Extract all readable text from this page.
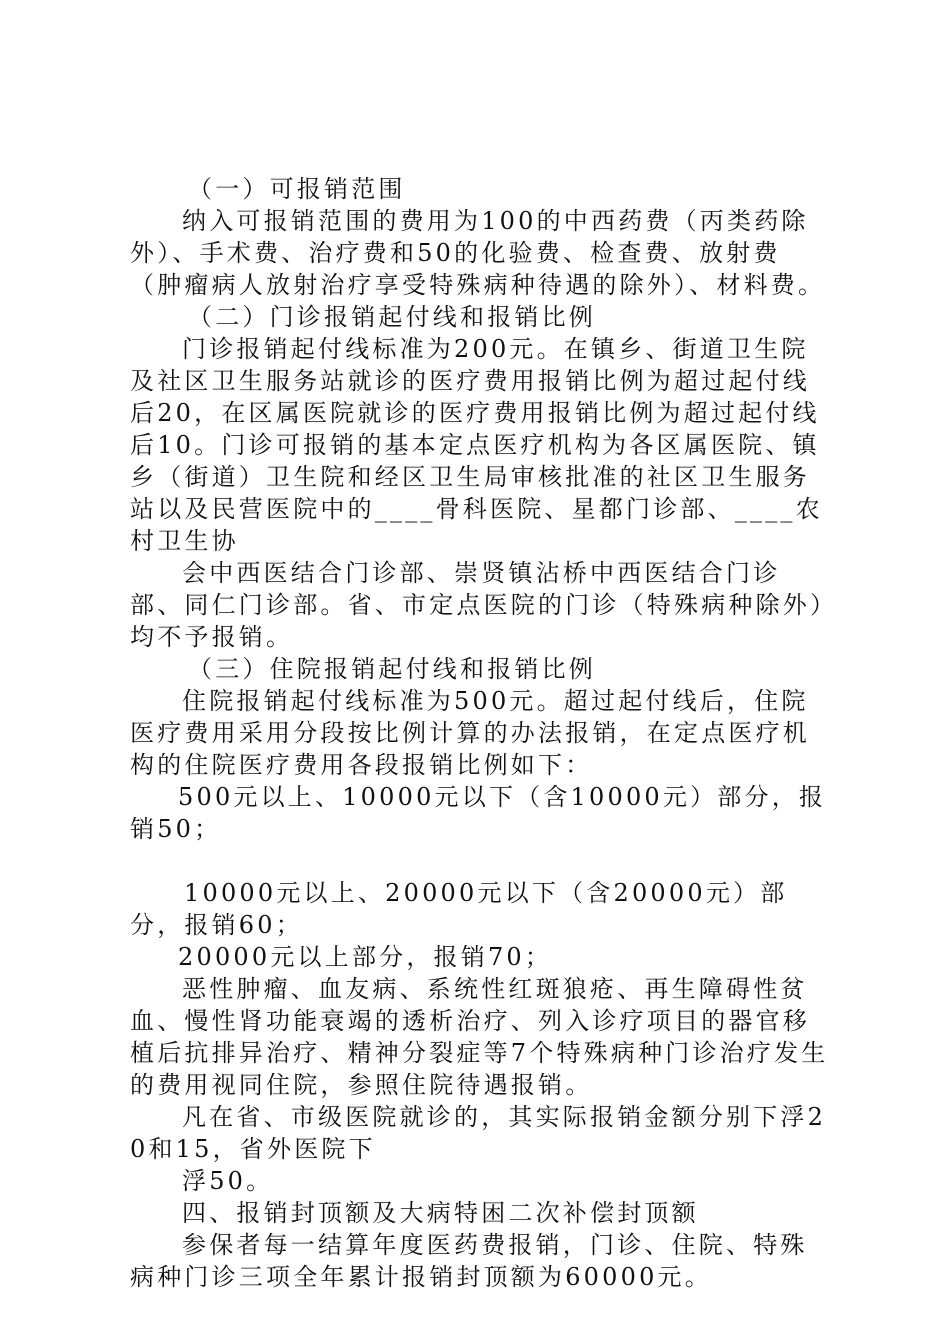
（一）可报销范围

纳入可报销范围的费用为100的中西药费（丙类药除外）、手术费、治疗费和50的化验费、检查费、放射费（肿瘤病人放射治疗享受特殊病种待遇的除外）、材料费。

（二）门诊报销起付线和报销比例

门诊报销起付线标准为200元。在镇乡、街道卫生院及社区卫生服务站就诊的医疗费用报销比例为超过起付线后20，在区属医院就诊的医疗费用报销比例为超过起付线后10。门诊可报销的基本定点医疗机构为各区属医院、镇乡（街道）卫生院和经区卫生局审核批准的社区卫生服务站以及民营医院中的____骨科医院、星都门诊部、____农村卫生协

会中西医结合门诊部、崇贤镇沾桥中西医结合门诊部、同仁门诊部。省、市定点医院的门诊（特殊病种除外）均不予报销。

（三）住院报销起付线和报销比例

住院报销起付线标准为500元。超过起付线后，住院医疗费用采用分段按比例计算的办法报销，在定点医疗机构的住院医疗费用各段报销比例如下：

500元以上、10000元以下（含10000元）部分，报销50；

10000元以上、20000元以下（含20000元）部分，报销60；

20000元以上部分，报销70；

恶性肿瘤、血友病、系统性红斑狼疮、再生障碍性贫血、慢性肾功能衰竭的透析治疗、列入诊疗项目的器官移植后抗排异治疗、精神分裂症等7个特殊病种门诊治疗发生的费用视同住院，参照住院待遇报销。

凡在省、市级医院就诊的，其实际报销金额分别下浮20和15，省外医院下

浮50。

四、报销封顶额及大病特困二次补偿封顶额

参保者每一结算年度医药费报销，门诊、住院、特殊病种门诊三项全年累计报销封顶额为60000元。
